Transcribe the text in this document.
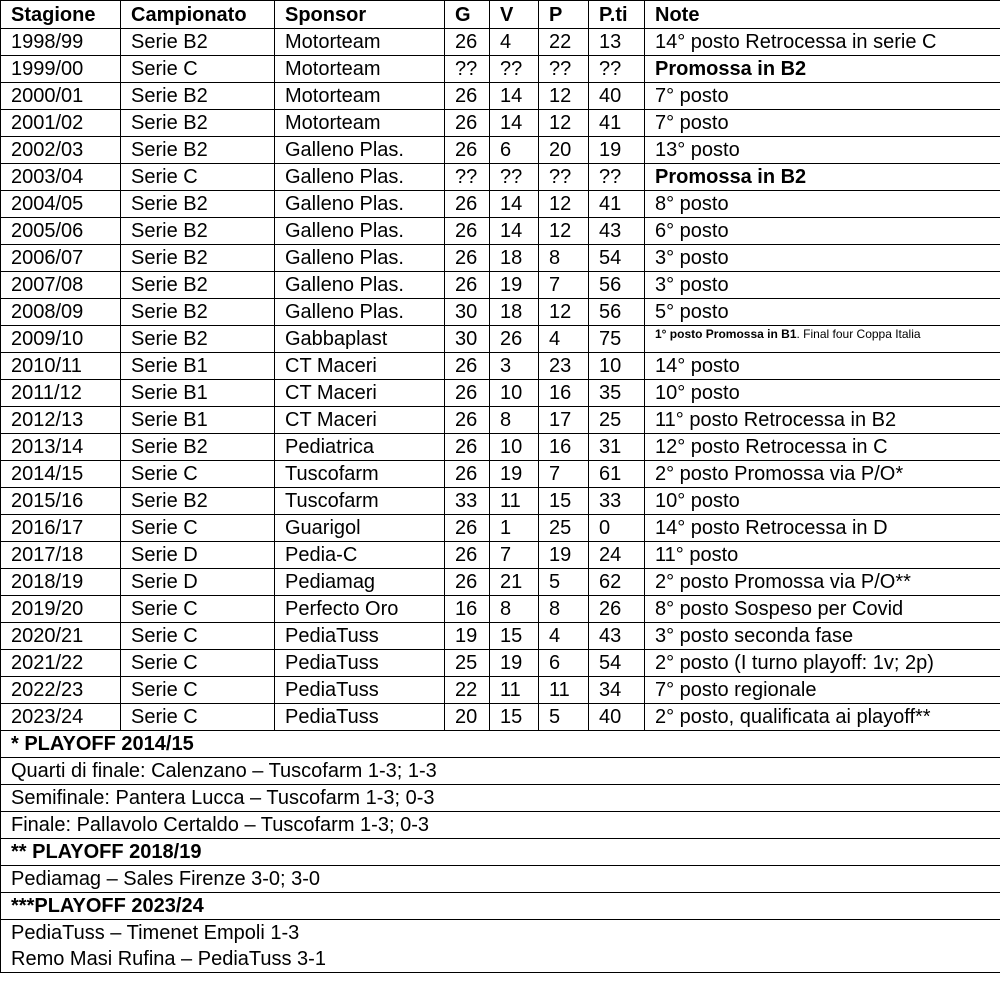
Stagione	Campionato	Sponsor	G	V	P	P.ti	Note
1998/99	Serie B2	Motorteam	26	4	22	13	14° posto Retrocessa in serie C
1999/00	Serie C	Motorteam	??	??	??	??	Promossa in B2
2000/01	Serie B2	Motorteam	26	14	12	40	7° posto
2001/02	Serie B2	Motorteam	26	14	12	41	7° posto
2002/03	Serie B2	Galleno Plas.	26	6	20	19	13° posto
2003/04	Serie C	Galleno Plas.	??	??	??	??	Promossa in B2
2004/05	Serie B2	Galleno Plas.	26	14	12	41	8° posto
2005/06	Serie B2	Galleno Plas.	26	14	12	43	6° posto
2006/07	Serie B2	Galleno Plas.	26	18	8	54	3° posto
2007/08	Serie B2	Galleno Plas.	26	19	7	56	3° posto
2008/09	Serie B2	Galleno Plas.	30	18	12	56	5° posto
2009/10	Serie B2	Gabbaplast	30	26	4	75	1° posto Promossa in B1. Final four Coppa Italia
2010/11	Serie B1	CT Maceri	26	3	23	10	14° posto
2011/12	Serie B1	CT Maceri	26	10	16	35	10° posto
2012/13	Serie B1	CT Maceri	26	8	17	25	11° posto Retrocessa in B2
2013/14	Serie B2	Pediatrica	26	10	16	31	12° posto Retrocessa in C
2014/15	Serie C	Tuscofarm	26	19	7	61	2° posto Promossa via P/O*
2015/16	Serie B2	Tuscofarm	33	11	15	33	10° posto
2016/17	Serie C	Guarigol	26	1	25	0	14° posto Retrocessa in D
2017/18	Serie D	Pedia-C	26	7	19	24	11° posto
2018/19	Serie D	Pediamag	26	21	5	62	2° posto Promossa via P/O**
2019/20	Serie C	Perfecto Oro	16	8	8	26	8° posto Sospeso per Covid
2020/21	Serie C	PediaTuss	19	15	4	43	3° posto seconda fase
2021/22	Serie C	PediaTuss	25	19	6	54	2° posto (I turno playoff: 1v; 2p)
2022/23	Serie C	PediaTuss	22	11	11	34	7° posto regionale
2023/24	Serie C	PediaTuss	20	15	5	40	2° posto, qualificata ai playoff**
* PLAYOFF 2014/15							
Quarti di finale: Calenzano – Tuscofarm 1-3; 1-3							
Semifinale: Pantera Lucca – Tuscofarm 1-3; 0-3							
Finale: Pallavolo Certaldo – Tuscofarm 1-3; 0-3							
** PLAYOFF 2018/19							
Pediamag – Sales Firenze 3-0; 3-0							
***PLAYOFF 2023/24							

PediaTuss – Timenet Empoli 1-3
Remo Masi Rufina – PediaTuss 3-1							
